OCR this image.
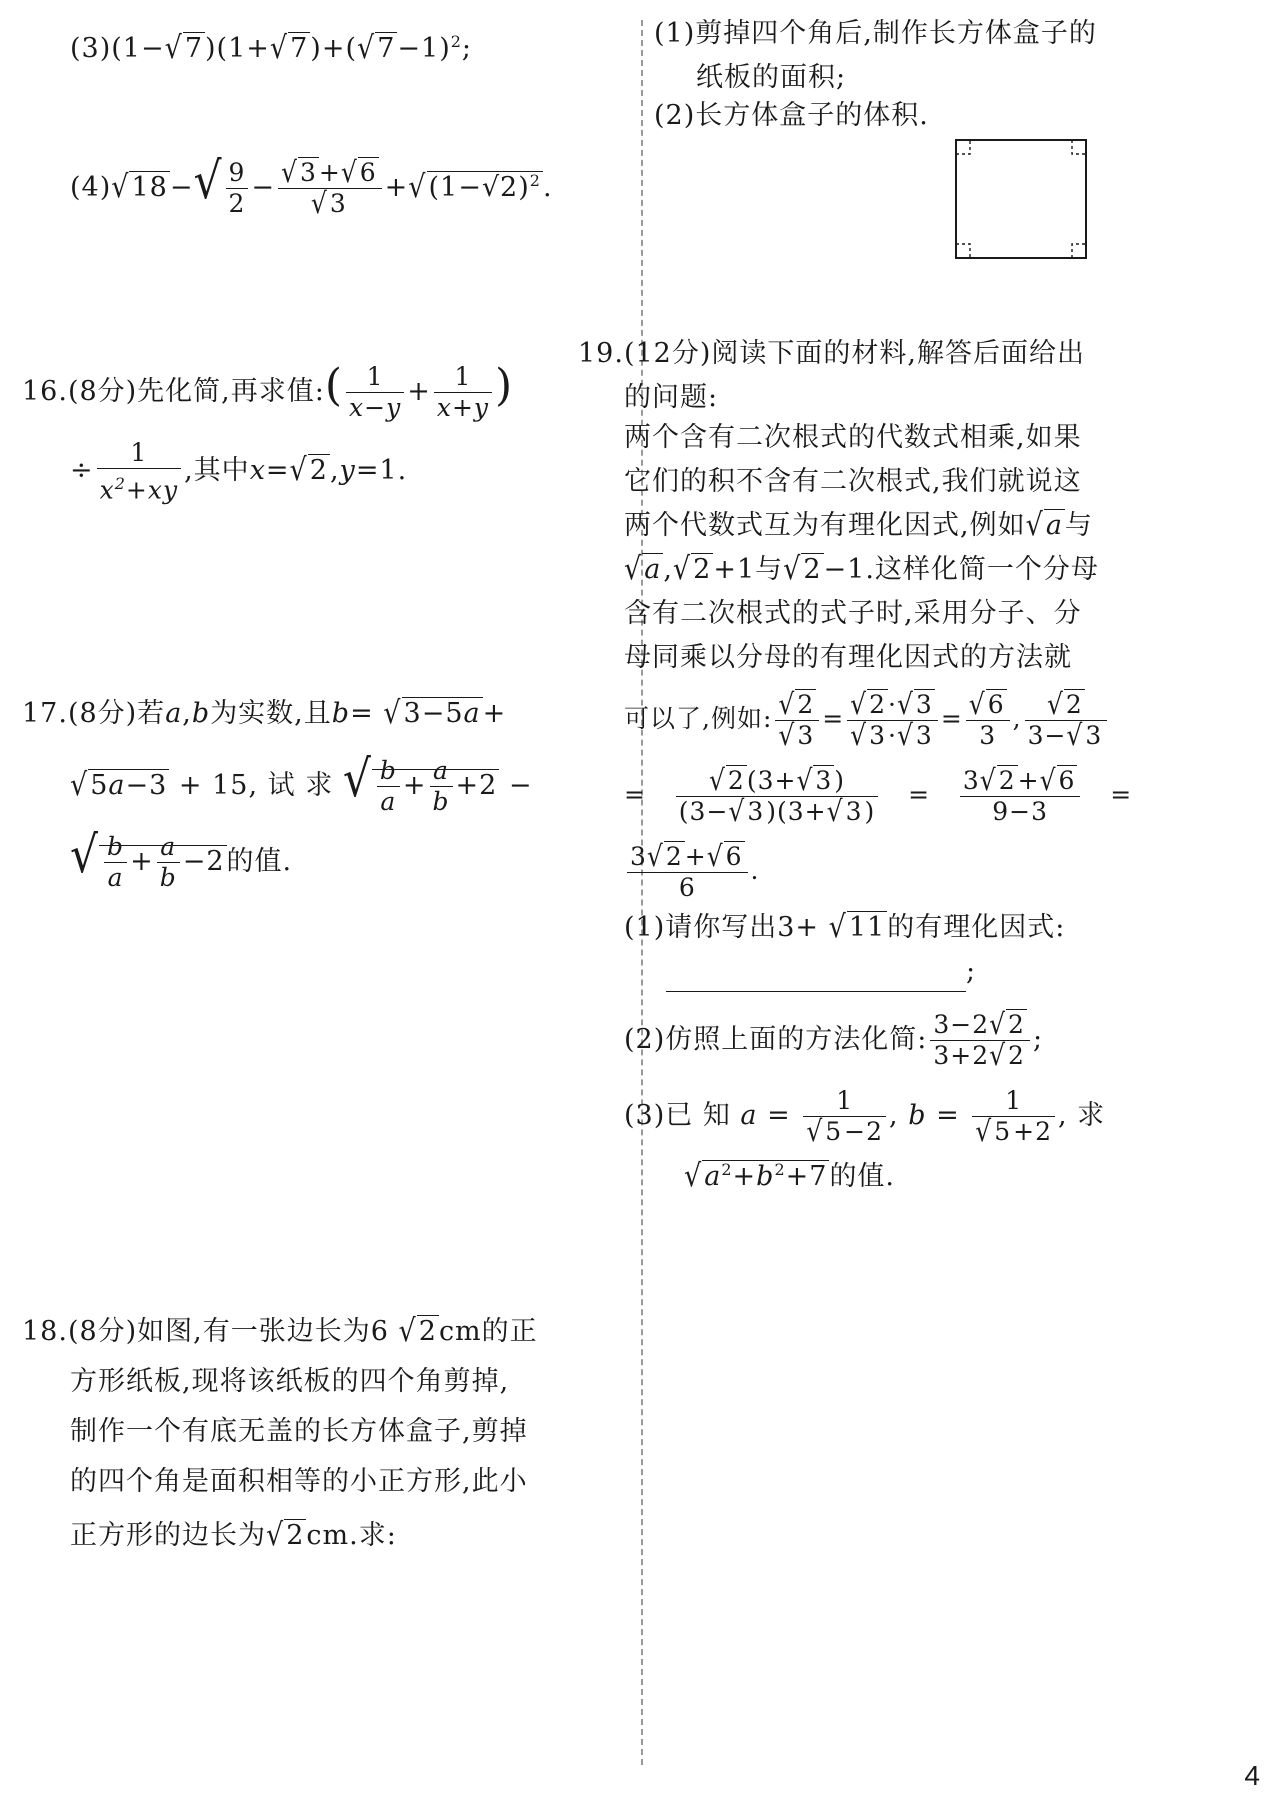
$(3)(1-√7)(1+√7)+(√7-1)^2$;
$(4)√18-√ \frac{9}{2} - \frac{√3+√6}{√3} +√(1-√2)^2$.
16.(8分)先化简,再求值:( $\frac{1}{x-y} + \frac{1}{x+y}$ )
÷ $\frac{1}{x^2+xy}$ ,其中x=√2,y=1.
17.(8分)若a,b为实数,且b= √3−5a+
√5a−3 + 15, 试 求 √ $\frac{b}{a} + \frac{a}{b} +2$ −
√ $\frac{b}{a} + \frac{a}{b} -2$的值.
18.(8分)如图,有一张边长为6 √2cm的正
方形纸板,现将该纸板的四个角剪掉,
制作一个有底无盖的长方体盒子,剪掉
的四个角是面积相等的小正方形,此小
正方形的边长为√2cm.求:
(1)剪掉四个角后,制作长方体盒子的
纸板的面积;
(2)长方体盒子的体积.
19.(12分)阅读下面的材料,解答后面给出
的问题:
两个含有二次根式的代数式相乘,如果
它们的积不含有二次根式,我们就说这
两个代数式互为有理化因式,例如√a与
√a,√2+1与√2−1.这样化简一个分母
含有二次根式的式子时,采用分子、分
母同乘以分母的有理化因式的方法就
可以了,例如: $\frac{√2}{√3} = \frac{√2\cdot√3}{√3\cdot√3} = \frac{√6}{3}$ , $\frac{√2}{3-√3}$
= $\frac{√2(3+√3)}{(3-√3)(3+√3)} = \frac{3√2+√6}{9-3}$ =
$\frac{3√2+√6}{6}$ .
(1)请你写出3+ √11的有理化因式:
;
(2)仿照上面的方法化简: $\frac{3-2√2}{3+2√2}$ ;
(3)已 知 $a = \frac{1}{√5-2}$ , $b = \frac{1}{√5+2}$ , 求
$√a^2+b^2+7$的值.
4
